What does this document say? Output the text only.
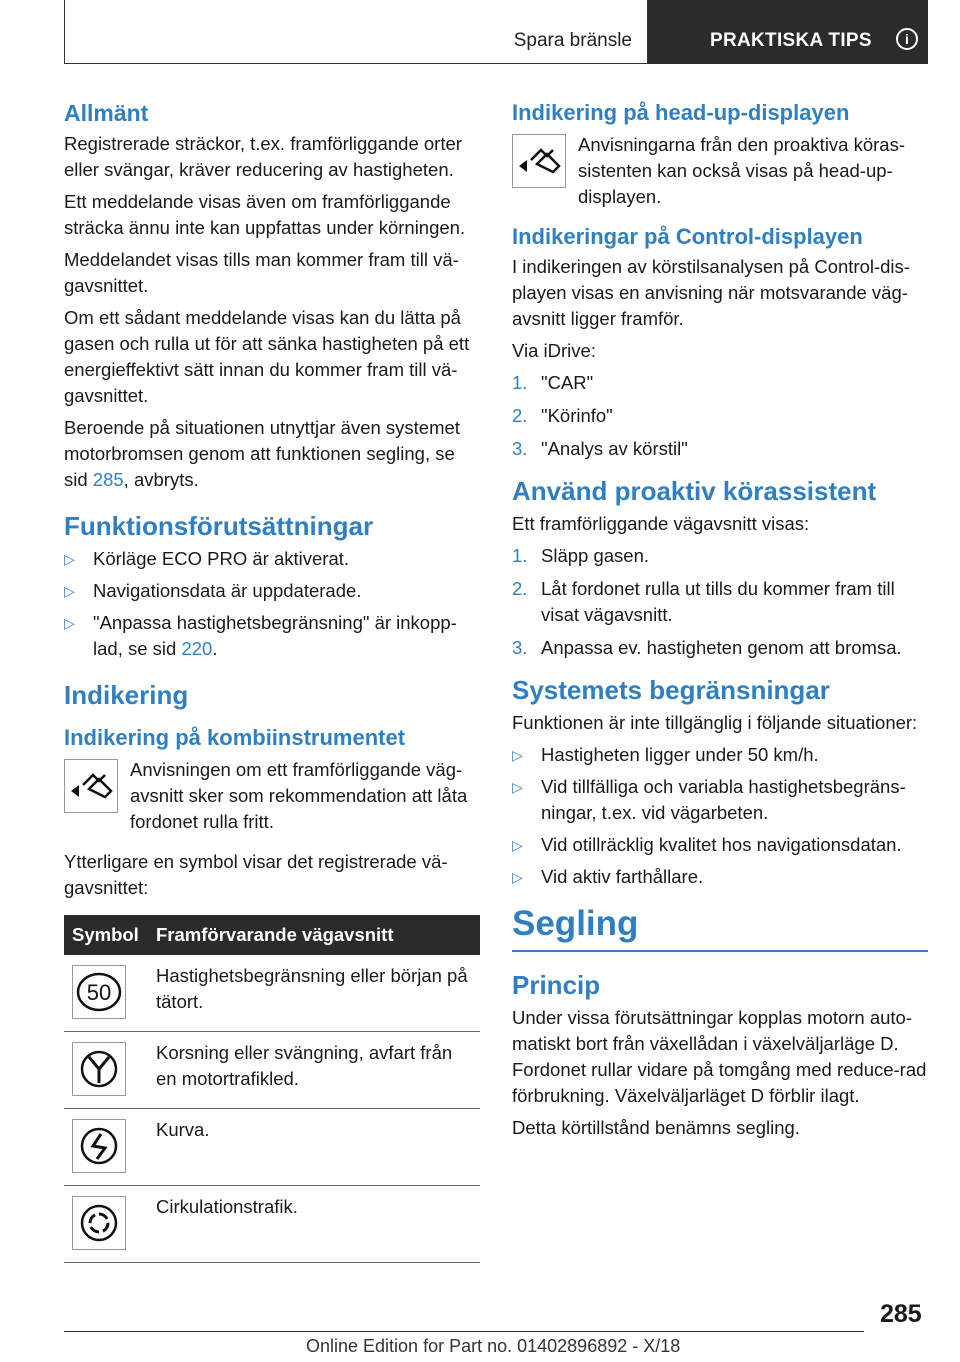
Spara bränsle	PRAKTISKA TIPS	i
Allmänt

Registrerade sträckor, t.ex. framförliggande orter eller svängar, kräver reducering av hastigheten.

Ett meddelande visas även om framförliggande sträcka ännu inte kan uppfattas under körningen.

Meddelandet visas tills man kommer fram till vä-gavsnittet.

Om ett sådant meddelande visas kan du lätta på gasen och rulla ut för att sänka hastigheten på ett energieffektivt sätt innan du kommer fram till vä-gavsnittet.

Beroende på situationen utnyttjar även systemet motorbromsen genom att funktionen segling, se sid 285, avbryts.

Funktionsförutsättningar
▷ Körläge ECO PRO är aktiverat.
▷ Navigationsdata är uppdaterade.
▷ "Anpassa hastighetsbegränsning" är inkopp-lad, se sid 220.
Indikering
Indikering på kombiinstrumentet
Anvisningen om ett framförliggande väg-avsnitt sker som rekommendation att låta fordonet rulla fritt.

Ytterligare en symbol visar det registrerade vä-gavsnittet:

Symbol	Framförvarande vägavsnitt

50	Hastighetsbegränsning eller början på tätort.

	Korsning eller svängning, avfart från en motortrafikled.

	Kurva.

	Cirkulationstrafik.
Indikering på head-up-displayen
Anvisningarna från den proaktiva köras-sistenten kan också visas på head-up-displayen.
Indikeringar på Control-displayen

I indikeringen av körstilsanalysen på Control-dis-playen visas en anvisning när motsvarande väg-avsnitt ligger framför.

Via iDrive:

1. "CAR"
2. "Körinfo"
3. "Analys av körstil"
Använd proaktiv körassistent

Ett framförliggande vägavsnitt visas:

1. Släpp gasen.
2. Låt fordonet rulla ut tills du kommer fram till visat vägavsnitt.
3. Anpassa ev. hastigheten genom att bromsa.
Systemets begränsningar

Funktionen är inte tillgänglig i följande situationer:

▷ Hastigheten ligger under 50 km/h.
▷ Vid tillfälliga och variabla hastighetsbegräns-ningar, t.ex. vid vägarbeten.
▷ Vid otillräcklig kvalitet hos navigationsdatan.
▷ Vid aktiv farthållare.
Segling
Princip

Under vissa förutsättningar kopplas motorn auto-matiskt bort från växellådan i växelväljarläge D. Fordonet rullar vidare på tomgång med reduce-rad förbrukning. Växelväljarläget D förblir ilagt.

Detta körtillstånd benämns segling.

285
Online Edition for Part no. 01402896892 - X/18
